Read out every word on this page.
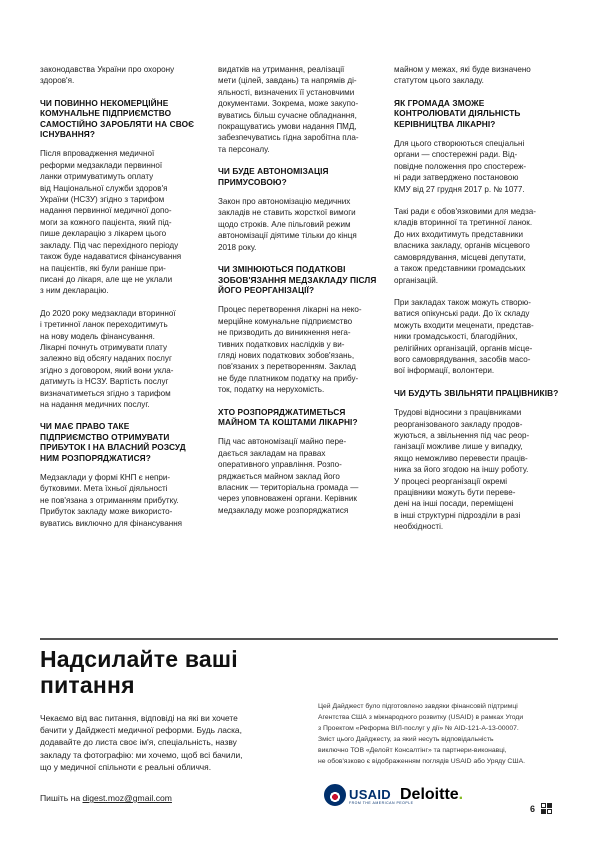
законодавства України про охорону
здоров'я.

ЧИ ПОВИННО НЕКОМЕРЦІЙНЕ
КОМУНАЛЬНЕ ПІДПРИЄМСТВО
САМОСТІЙНО ЗАРОБЛЯТИ НА СВОЄ
ІСНУВАННЯ?

Після впровадження медичної
реформи медзаклади первинної
ланки отримуватимуть оплату
від Національної служби здоров'я
України (НСЗУ) згідно з тарифом
надання первинної медичної допо-
моги за кожного пацієнта, який під-
пише декларацію з лікарем цього
закладу. Під час перехідного періоду
також буде надаватися фінансування
на пацієнтів, які були раніше при-
писані до лікаря, але ще не уклали
з ним декларацію.

До 2020 року медзаклади вторинної
і третинної ланок переходитимуть
на нову модель фінансування.
Лікарні почнуть отримувати плату
залежно від обсягу наданих послуг
згідно з договором, який вони укла-
датимуть із НСЗУ. Вартість послуг
визначатиметься згідно з тарифом
на надання медичних послуг.

ЧИ МАЄ ПРАВО ТАКЕ
ПІДПРИЄМСТВО ОТРИМУВАТИ
ПРИБУТОК І НА ВЛАСНИЙ РОЗСУД
НИМ РОЗПОРЯДЖАТИСЯ?

Медзаклади у формі КНП є непри-
бутковими. Мета їхньої діяльності
не пов'язана з отриманням прибутку.
Прибуток закладу може використо-
вуватись виключно для фінансування

видатків на утримання, реалізації
мети (цілей, завдань) та напрямів ді-
яльності, визначених її установчими
документами. Зокрема, може закупо-
вуватись більш сучасне обладнання,
покращуватись умови надання ПМД,
забезпечуватись гідна заробітна пла-
та персоналу.

ЧИ БУДЕ АВТОНОМІЗАЦІЯ
ПРИМУСОВОЮ?

Закон про автономізацію медичних
закладів не ставить жорсткої вимоги
щодо строків. Але пільговий режим
автономізації діятиме тільки до кінця
2018 року.

ЧИ ЗМІНЮЮТЬСЯ ПОДАТКОВІ
ЗОБОВ'ЯЗАННЯ МЕДЗАКЛАДУ ПІСЛЯ
ЙОГО РЕОРГАНІЗАЦІЇ?

Процес перетворення лікарні на неко-
мерційне комунальне підприємство
не призводить до виникнення нега-
тивних податкових наслідків у ви-
гляді нових податкових зобов'язань,
пов'язаних з перетворенням. Заклад
не буде платником податку на прибу-
ток, податку на нерухомість.

ХТО РОЗПОРЯДЖАТИМЕТЬСЯ
МАЙНОМ ТА КОШТАМИ ЛІКАРНІ?

Під час автономізації майно пере-
дається закладам на правах
оперативного управління. Розпо-
ряджається майном заклад його
власник — територіальна громада —
через уповноважені органи. Керівник
медзакладу може розпоряджатися

майном у межах, які буде визначено
статутом цього закладу.

ЯК ГРОМАДА ЗМОЖЕ
КОНТРОЛЮВАТИ ДІЯЛЬНІСТЬ
КЕРІВНИЦТВА ЛІКАРНІ?

Для цього створюються спеціальні
органи — спостережні ради. Від-
повідне положення про спостереж-
ні ради затверджено постановою
КМУ від 27 грудня 2017 р. № 1077.

Такі ради є обов'язковими для медза-
кладів вторинної та третинної ланок.
До них входитимуть представники
власника закладу, органів місцевого
самоврядування, місцеві депутати,
а також представники громадських
організацій.

При закладах також можуть створю-
ватися опікунські ради. До їх складу
можуть входити меценати, представ-
ники громадськості, благодійних,
релігійних організацій, органів місце-
вого самоврядування, засобів масо-
вої інформації, волонтери.

ЧИ БУДУТЬ ЗВІЛЬНЯТИ ПРАЦІВНИКІВ?

Трудові відносини з працівниками
реорганізованого закладу продов-
жуються, а звільнення під час реор-
ганізації можливе лише у випадку,
якщо неможливо перевести праців-
ника за його згодою на іншу роботу.
У процесі реорганізації окремі
працівники можуть бути переве-
дені на інші посади, переміщені
в інші структурні підрозділи в разі
необхідності.

Надсилайте ваші
питання
Чекаємо від вас питання, відповіді на які ви хочете
бачити у Дайджесті медичної реформи. Будь ласка,
додавайте до листа своє ім'я, спеціальність, назву
закладу та фотографію: ми хочемо, щоб всі бачили,
що у медичної спільноти є реальні обличчя.
Пишіть на digest.moz@gmail.com
Цей Дайджест було підготовлено завдяки фінансовій підтримці
Агентства США з міжнародного розвитку (USAID) в рамках Угоди
з Проектом «Реформа ВІЛ-послуг у дії» № AID-121-A-13-00007.
Зміст цього Дайджесту, за який несуть відповідальність
виключно ТОВ «Делойт Консалтінг» та партнери-виконавці,
не обов'язково є відображенням поглядів USAID або Уряду США.
USAID
FROM THE AMERICAN PEOPLE
Deloitte.
6
